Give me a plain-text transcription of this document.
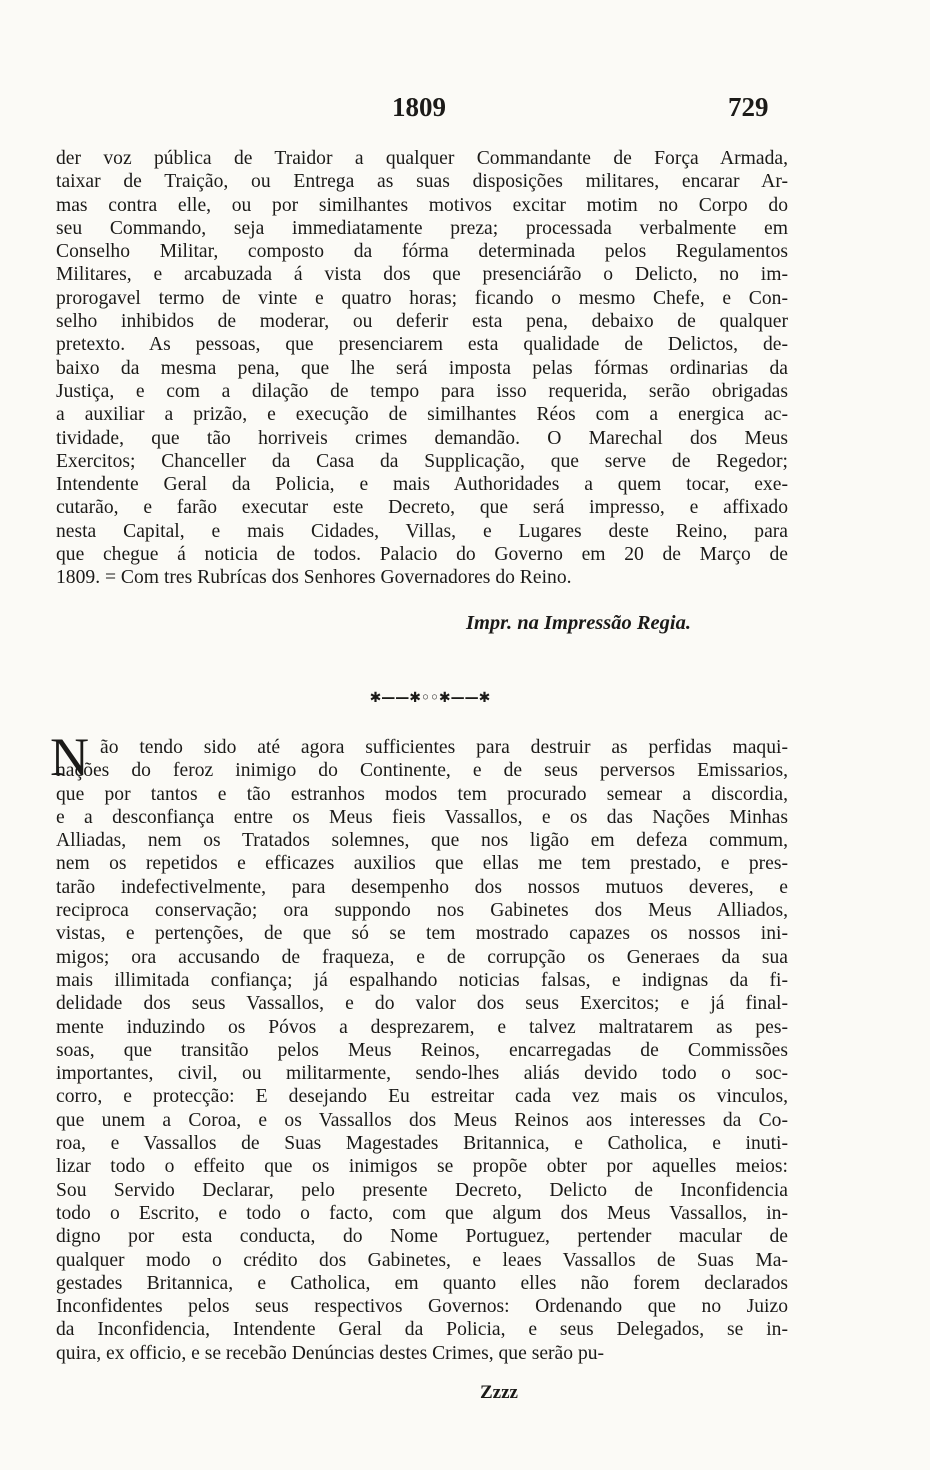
1809	729
der voz pública de Traidor a qualquer Commandante de Força Armada,
taixar de Traição, ou Entrega as suas disposições militares, encarar Ar-
mas contra elle, ou por similhantes motivos excitar motim no Corpo do
seu Commando, seja immediatamente preza; processada verbalmente em
Conselho Militar, composto da fórma determinada pelos Regulamentos
Militares, e arcabuzada á vista dos que presenciárão o Delicto, no im-
prorogavel termo de vinte e quatro horas; ficando o mesmo Chefe, e Con-
selho inhibidos de moderar, ou deferir esta pena, debaixo de qualquer
pretexto. As pessoas, que presenciarem esta qualidade de Delictos, de-
baixo da mesma pena, que lhe será imposta pelas fórmas ordinarias da
Justiça, e com a dilação de tempo para isso requerida, serão obrigadas
a auxiliar a prizão, e execução de similhantes Réos com a energica ac-
tividade, que tão horriveis crimes demandão. O Marechal dos Meus
Exercitos; Chanceller da Casa da Supplicação, que serve de Regedor;
Intendente Geral da Policia, e mais Authoridades a quem tocar, exe-
cutarão, e farão executar este Decreto, que será impresso, e affixado
nesta Capital, e mais Cidades, Villas, e Lugares deste Reino, para
que chegue á noticia de todos. Palacio do Governo em 20 de Março de
1809. = Com tres Rubrícas dos Senhores Governadores do Reino.
Impr. na Impressão Regia.
✱——✱◦◦✱——✱
N ão tendo sido até agora sufficientes para destruir as perfidas maqui-
nações do feroz inimigo do Continente, e de seus perversos Emissarios,
que por tantos e tão estranhos modos tem procurado semear a discordia,
e a desconfiança entre os Meus fieis Vassallos, e os das Nações Minhas
Alliadas, nem os Tratados solemnes, que nos ligão em defeza commum,
nem os repetidos e efficazes auxilios que ellas me tem prestado, e pres-
tarão indefectivelmente, para desempenho dos nossos mutuos deveres, e
reciproca conservação; ora suppondo nos Gabinetes dos Meus Alliados,
vistas, e pertenções, de que só se tem mostrado capazes os nossos ini-
migos; ora accusando de fraqueza, e de corrupção os Generaes da sua
mais illimitada confiança; já espalhando noticias falsas, e indignas da fi-
delidade dos seus Vassallos, e do valor dos seus Exercitos; e já final-
mente induzindo os Póvos a desprezarem, e talvez maltratarem as pes-
soas, que transitão pelos Meus Reinos, encarregadas de Commissões
importantes, civil, ou militarmente, sendo-lhes aliás devido todo o soc-
corro, e protecção: E desejando Eu estreitar cada vez mais os vinculos,
que unem a Coroa, e os Vassallos dos Meus Reinos aos interesses da Co-
roa, e Vassallos de Suas Magestades Britannica, e Catholica, e inuti-
lizar todo o effeito que os inimigos se propõe obter por aquelles meios:
Sou Servido Declarar, pelo presente Decreto, Delicto de Inconfidencia
todo o Escrito, e todo o facto, com que algum dos Meus Vassallos, in-
digno por esta conducta, do Nome Portuguez, pertender macular de
qualquer modo o crédito dos Gabinetes, e leaes Vassallos de Suas Ma-
gestades Britannica, e Catholica, em quanto elles não forem declarados
Inconfidentes pelos seus respectivos Governos: Ordenando que no Juizo
da Inconfidencia, Intendente Geral da Policia, e seus Delegados, se in-
quira, ex officio, e se recebão Denúncias destes Crimes, que serão pu-
Zzzz
